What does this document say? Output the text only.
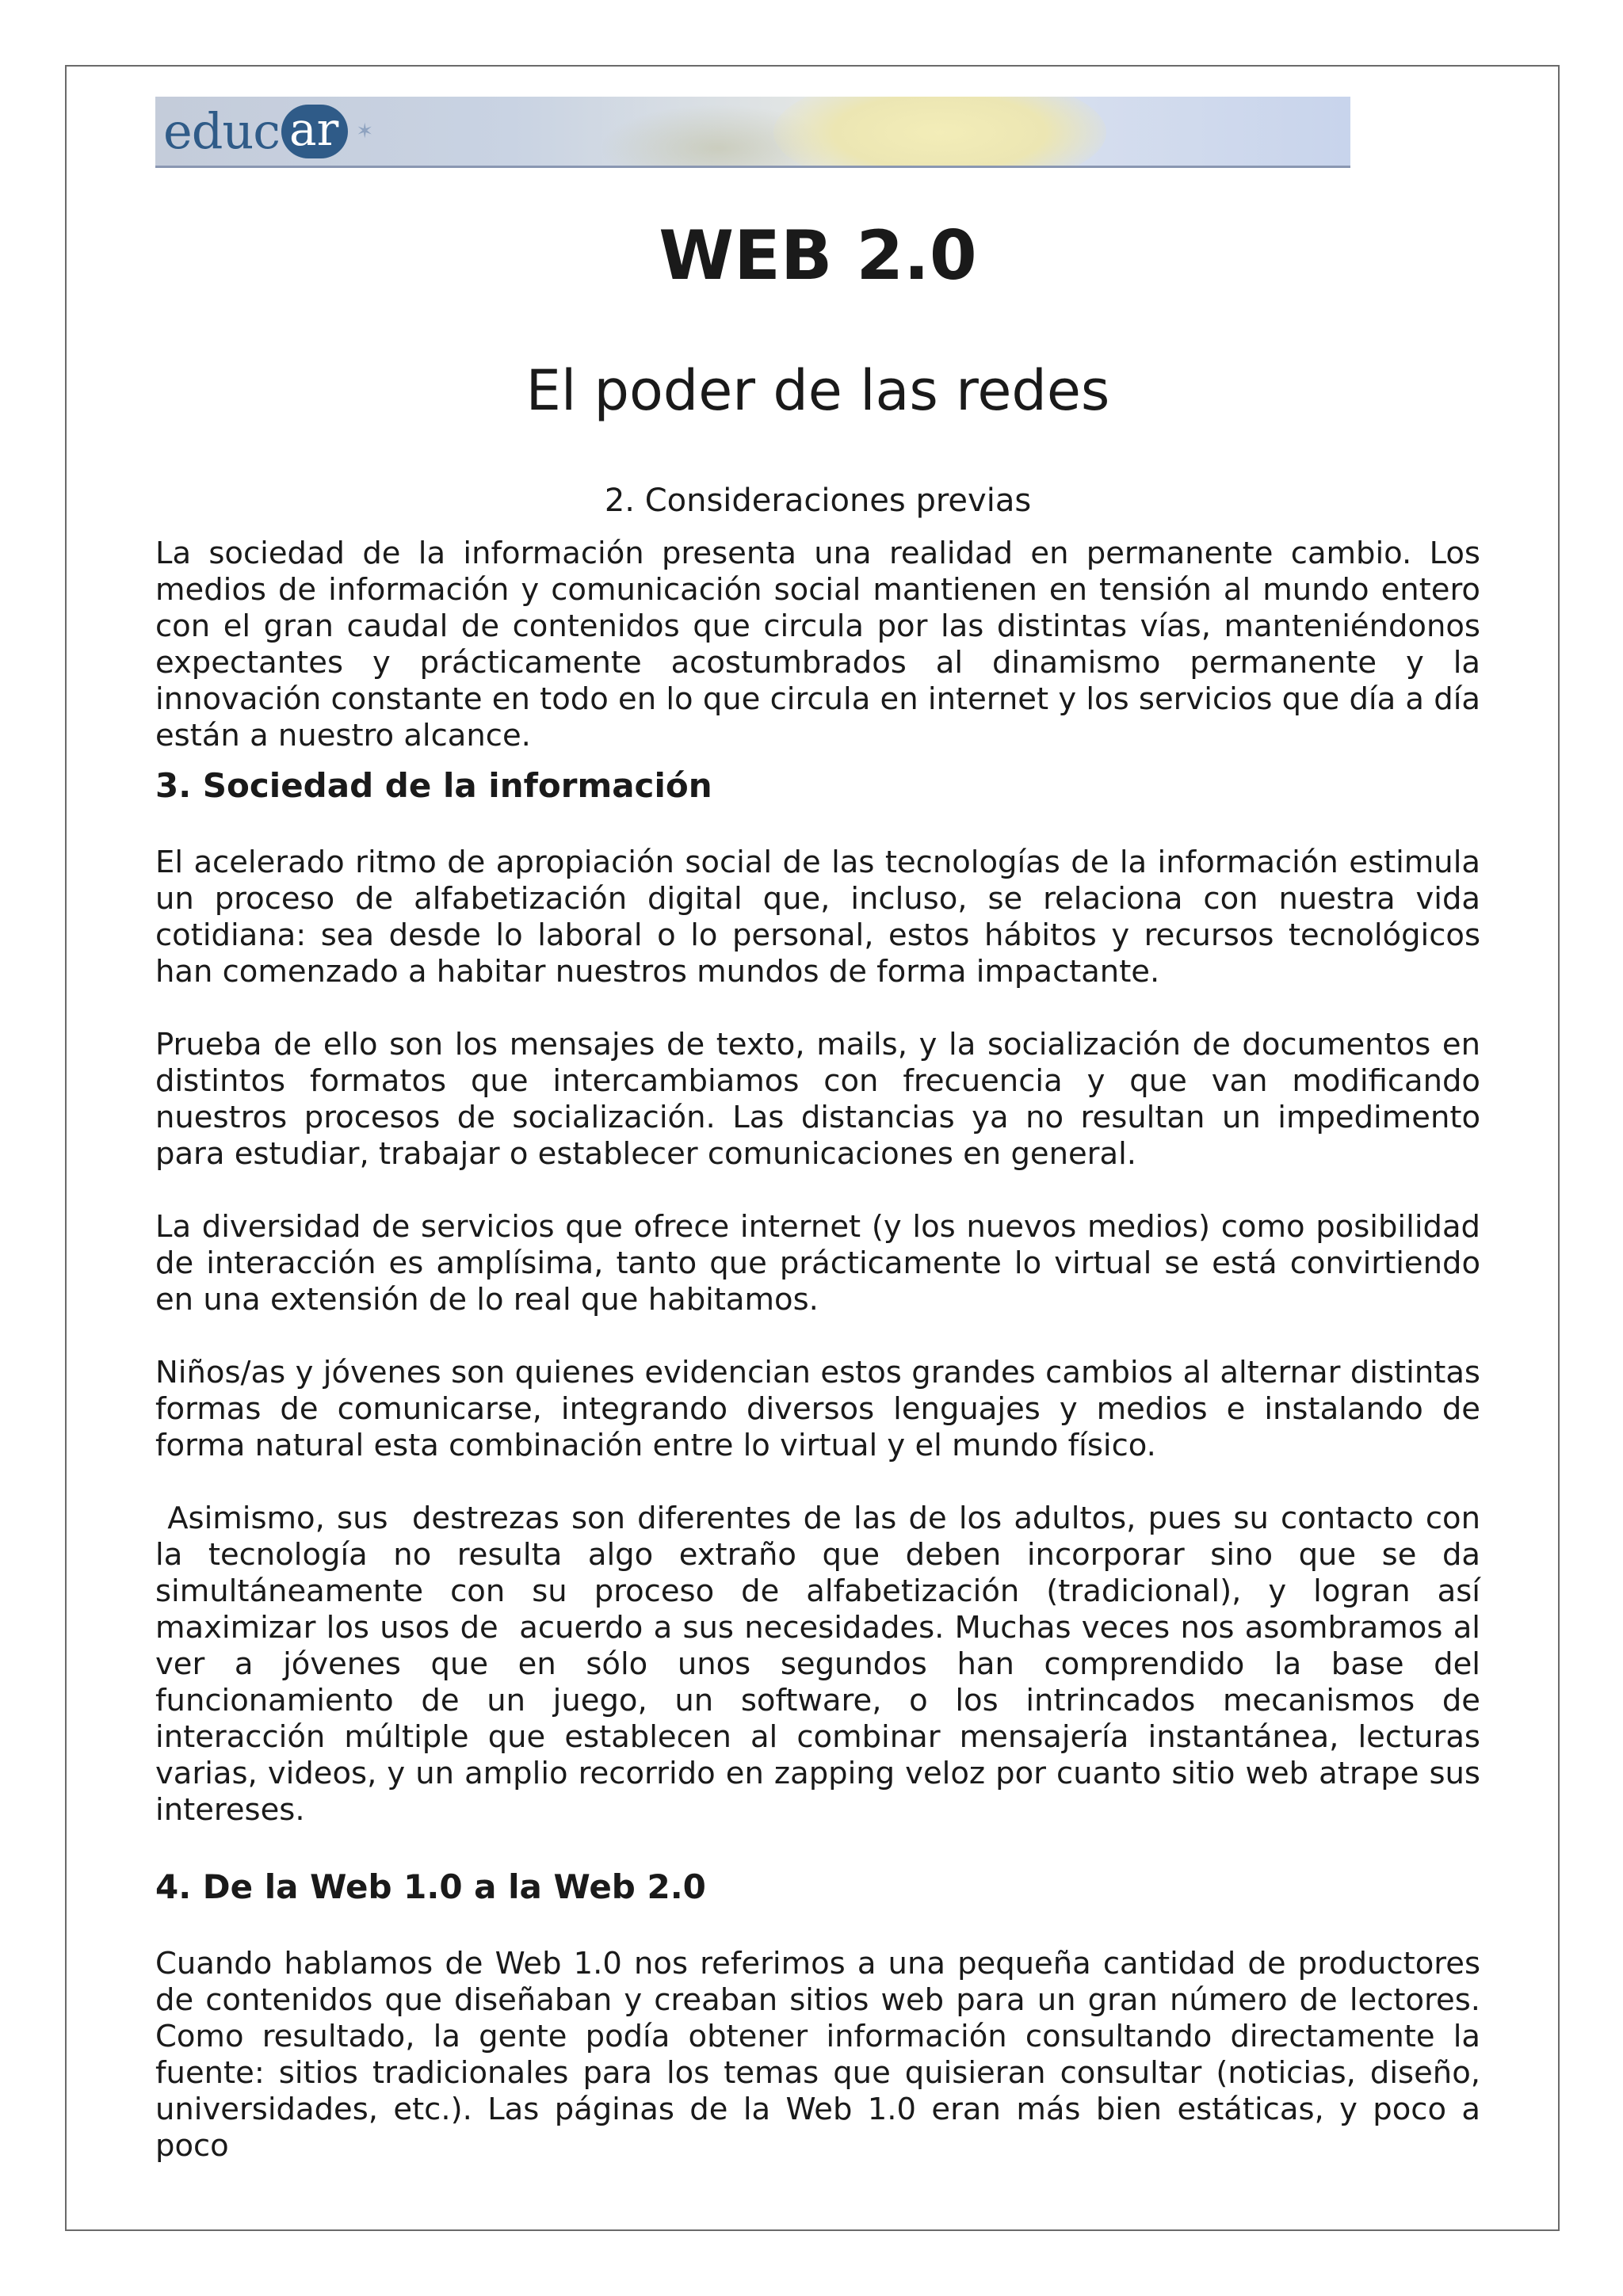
educ ar ✶
WEB 2.0
El poder de las redes
2. Consideraciones previas

La sociedad de la información presenta una realidad en permanente cambio. Los medios de información y comunicación social mantienen en tensión al mundo entero con el gran caudal de contenidos que circula por las distintas vías, manteniéndonos expectantes y prácticamente acostumbrados al dinamismo permanente y la innovación constante en todo en lo que circula en internet y los servicios que día a día están a nuestro alcance.

3. Sociedad de la información

El acelerado ritmo de apropiación social de las tecnologías de la información estimula un proceso de alfabetización digital que, incluso, se relaciona con nuestra vida cotidiana: sea desde lo laboral o lo personal, estos hábitos y recursos tecnológicos han comenzado a habitar nuestros mundos de forma impactante.

Prueba de ello son los mensajes de texto, mails, y la socialización de documentos en distintos formatos que intercambiamos con frecuencia y que van modificando nuestros procesos de socialización. Las distancias ya no resultan un impedimento para estudiar, trabajar o establecer comunicaciones en general.

La diversidad de servicios que ofrece internet (y los nuevos medios) como posibilidad de interacción es amplísima, tanto que prácticamente lo virtual se está convirtiendo en una extensión de lo real que habitamos.

Niños/as y jóvenes son quienes evidencian estos grandes cambios al alternar distintas formas de comunicarse, integrando diversos lenguajes y medios e instalando de forma natural esta combinación entre lo virtual y el mundo físico.

Asimismo, sus  destrezas son diferentes de las de los adultos, pues su contacto con la tecnología no resulta algo extraño que deben incorporar sino que se da simultáneamente con su proceso de alfabetización (tradicional), y logran así maximizar los usos de  acuerdo a sus necesidades. Muchas veces nos asombramos al ver a jóvenes que en sólo unos segundos han comprendido la base del funcionamiento de un juego, un software, o los intrincados mecanismos de interacción múltiple que establecen al combinar mensajería instantánea, lecturas varias, videos, y un amplio recorrido en zapping veloz por cuanto sitio web atrape sus intereses.

4. De la Web 1.0 a la Web 2.0

Cuando hablamos de Web 1.0 nos referimos a una pequeña cantidad de productores de contenidos que diseñaban y creaban sitios web para un gran número de lectores. Como resultado, la gente podía obtener información consultando directamente la fuente: sitios tradicionales para los temas que quisieran consultar (noticias, diseño, universidades, etc.). Las páginas de la Web 1.0 eran más bien estáticas, y poco a poco
